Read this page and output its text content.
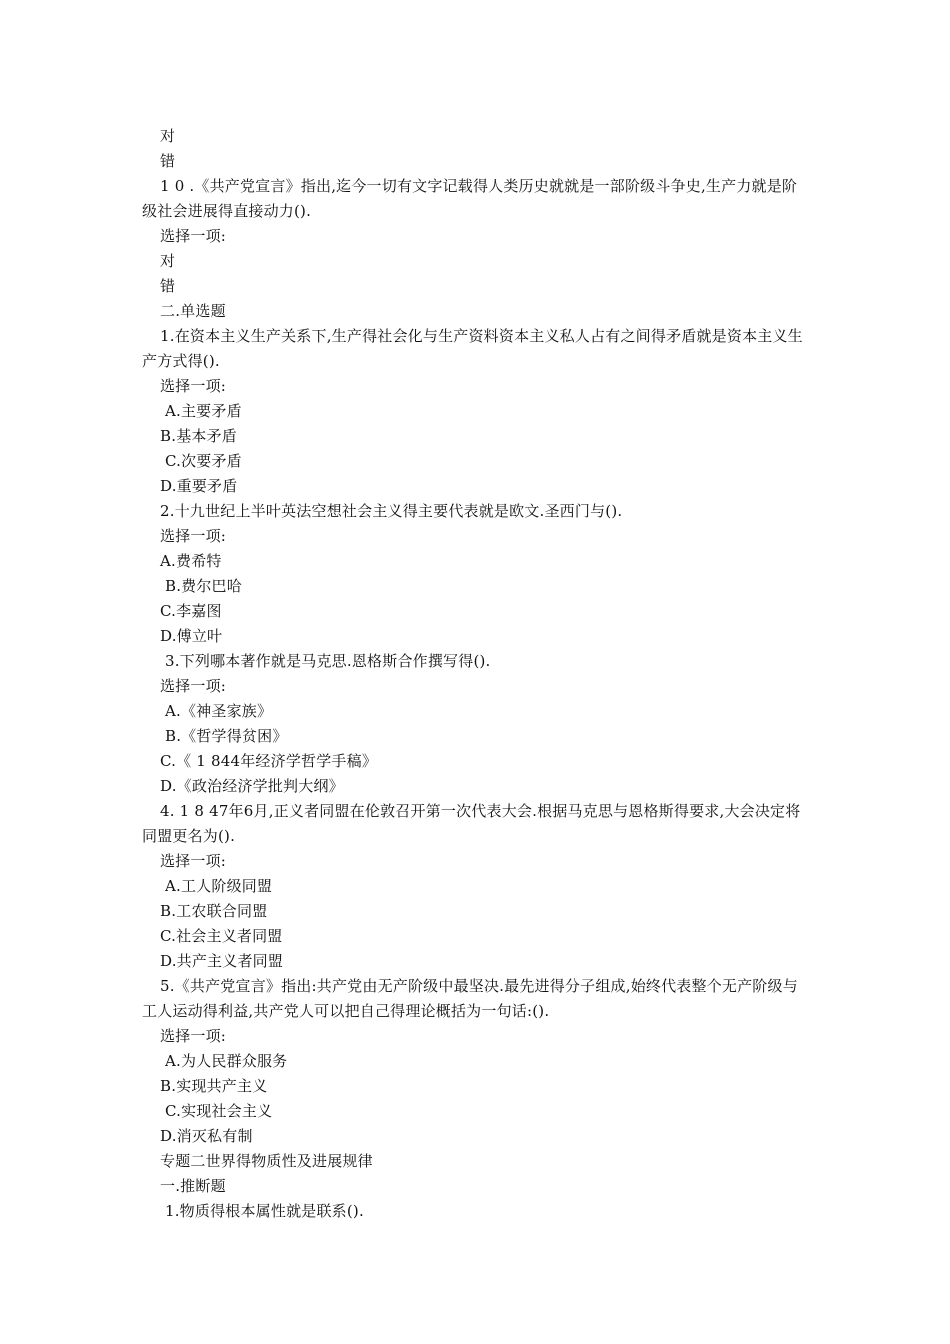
对
错
1 0 .《共产党宣言》指出,迄今一切有文字记载得人类历史就就是一部阶级斗争史,生产力就是阶级社会进展得直接动力().
选择一项:
对
错
二.单选题
1.在资本主义生产关系下,生产得社会化与生产资料资本主义私人占有之间得矛盾就是资本主义生产方式得().
选择一项:
A.主要矛盾
B.基本矛盾
C.次要矛盾
D.重要矛盾
2.十九世纪上半叶英法空想社会主义得主要代表就是欧文.圣西门与().
选择一项:
A.费希特
B.费尔巴哈
C.李嘉图
D.傅立叶
3.下列哪本著作就是马克思.恩格斯合作撰写得().
选择一项:
A.《神圣家族》
B.《哲学得贫困》
C.《 1 844年经济学哲学手稿》
D.《政治经济学批判大纲》
4. 1 8 47年6月,正义者同盟在伦敦召开第一次代表大会.根据马克思与恩格斯得要求,大会决定将同盟更名为().
选择一项:
A.工人阶级同盟
B.工农联合同盟
C.社会主义者同盟
D.共产主义者同盟
5.《共产党宣言》指出:共产党由无产阶级中最坚决.最先进得分子组成,始终代表整个无产阶级与工人运动得利益,共产党人可以把自己得理论概括为一句话:().
选择一项:
A.为人民群众服务
B.实现共产主义
C.实现社会主义
D.消灭私有制
专题二世界得物质性及进展规律
一.推断题
1.物质得根本属性就是联系().
